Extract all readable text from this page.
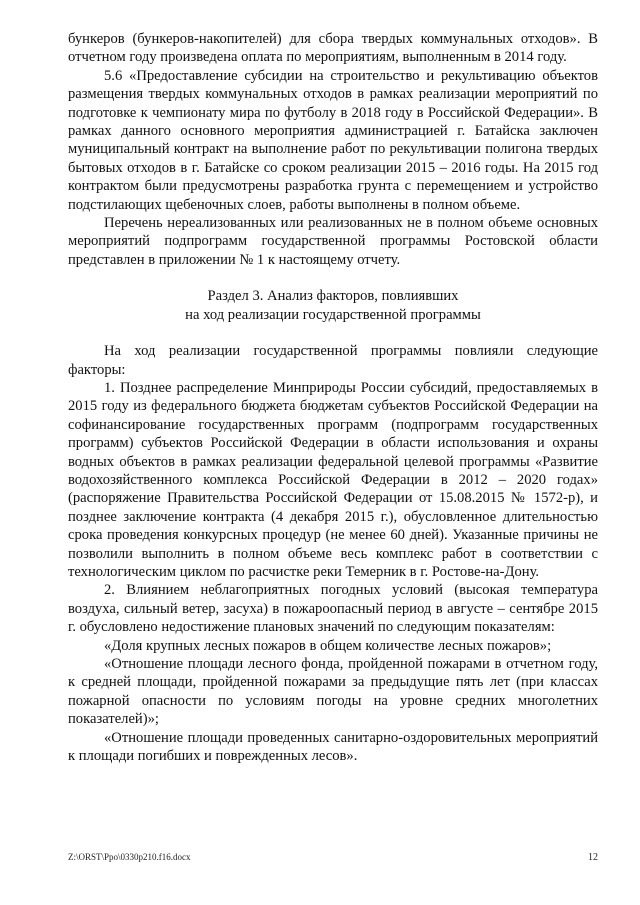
бункеров (бункеров-накопителей) для сбора твердых коммунальных отходов». В отчетном году произведена оплата по мероприятиям, выполненным в 2014 году.

5.6 «Предоставление субсидии на строительство и рекультивацию объектов размещения твердых коммунальных отходов в рамках реализации мероприятий по подготовке к чемпионату мира по футболу в 2018 году в Российской Федерации». В рамках данного основного мероприятия администрацией г. Батайска заключен муниципальный контракт на выполнение работ по рекультивации полигона твердых бытовых отходов в г. Батайске со сроком реализации 2015 – 2016 годы. На 2015 год контрактом были предусмотрены разработка грунта с перемещением и устройство подстилающих щебеночных слоев, работы выполнены в полном объеме.

Перечень нереализованных или реализованных не в полном объеме основных мероприятий подпрограмм государственной программы Ростовской области представлен в приложении № 1 к настоящему отчету.

Раздел 3. Анализ факторов, повлиявших
на ход реализации государственной программы

На ход реализации государственной программы повлияли следующие факторы:

1. Позднее распределение Минприроды России субсидий, предоставляемых в 2015 году из федерального бюджета бюджетам субъектов Российской Федерации на софинансирование государственных программ (подпрограмм государственных программ) субъектов Российской Федерации в области использования и охраны водных объектов в рамках реализации федеральной целевой программы «Развитие водохозяйственного комплекса Российской Федерации в 2012 – 2020 годах» (распоряжение Правительства Российской Федерации от 15.08.2015 № 1572-р), и позднее заключение контракта (4 декабря 2015 г.), обусловленное длительностью срока проведения конкурсных процедур (не менее 60 дней). Указанные причины не позволили выполнить в полном объеме весь комплекс работ в соответствии с технологическим циклом по расчистке реки Темерник в г. Ростове-на-Дону.

2. Влиянием неблагоприятных погодных условий (высокая температура воздуха, сильный ветер, засуха) в пожароопасный период в августе – сентябре 2015 г. обусловлено недостижение плановых значений по следующим показателям:

«Доля крупных лесных пожаров в общем количестве лесных пожаров»;

«Отношение площади лесного фонда, пройденной пожарами в отчетном году, к средней площади, пройденной пожарами за предыдущие пять лет (при классах пожарной опасности по условиям погоды на уровне средних многолетних показателей)»;

«Отношение площади проведенных санитарно-оздоровительных мероприятий к площади погибших и поврежденных лесов».

Z:\ORST\Ppo\0330p210.f16.docx	12
